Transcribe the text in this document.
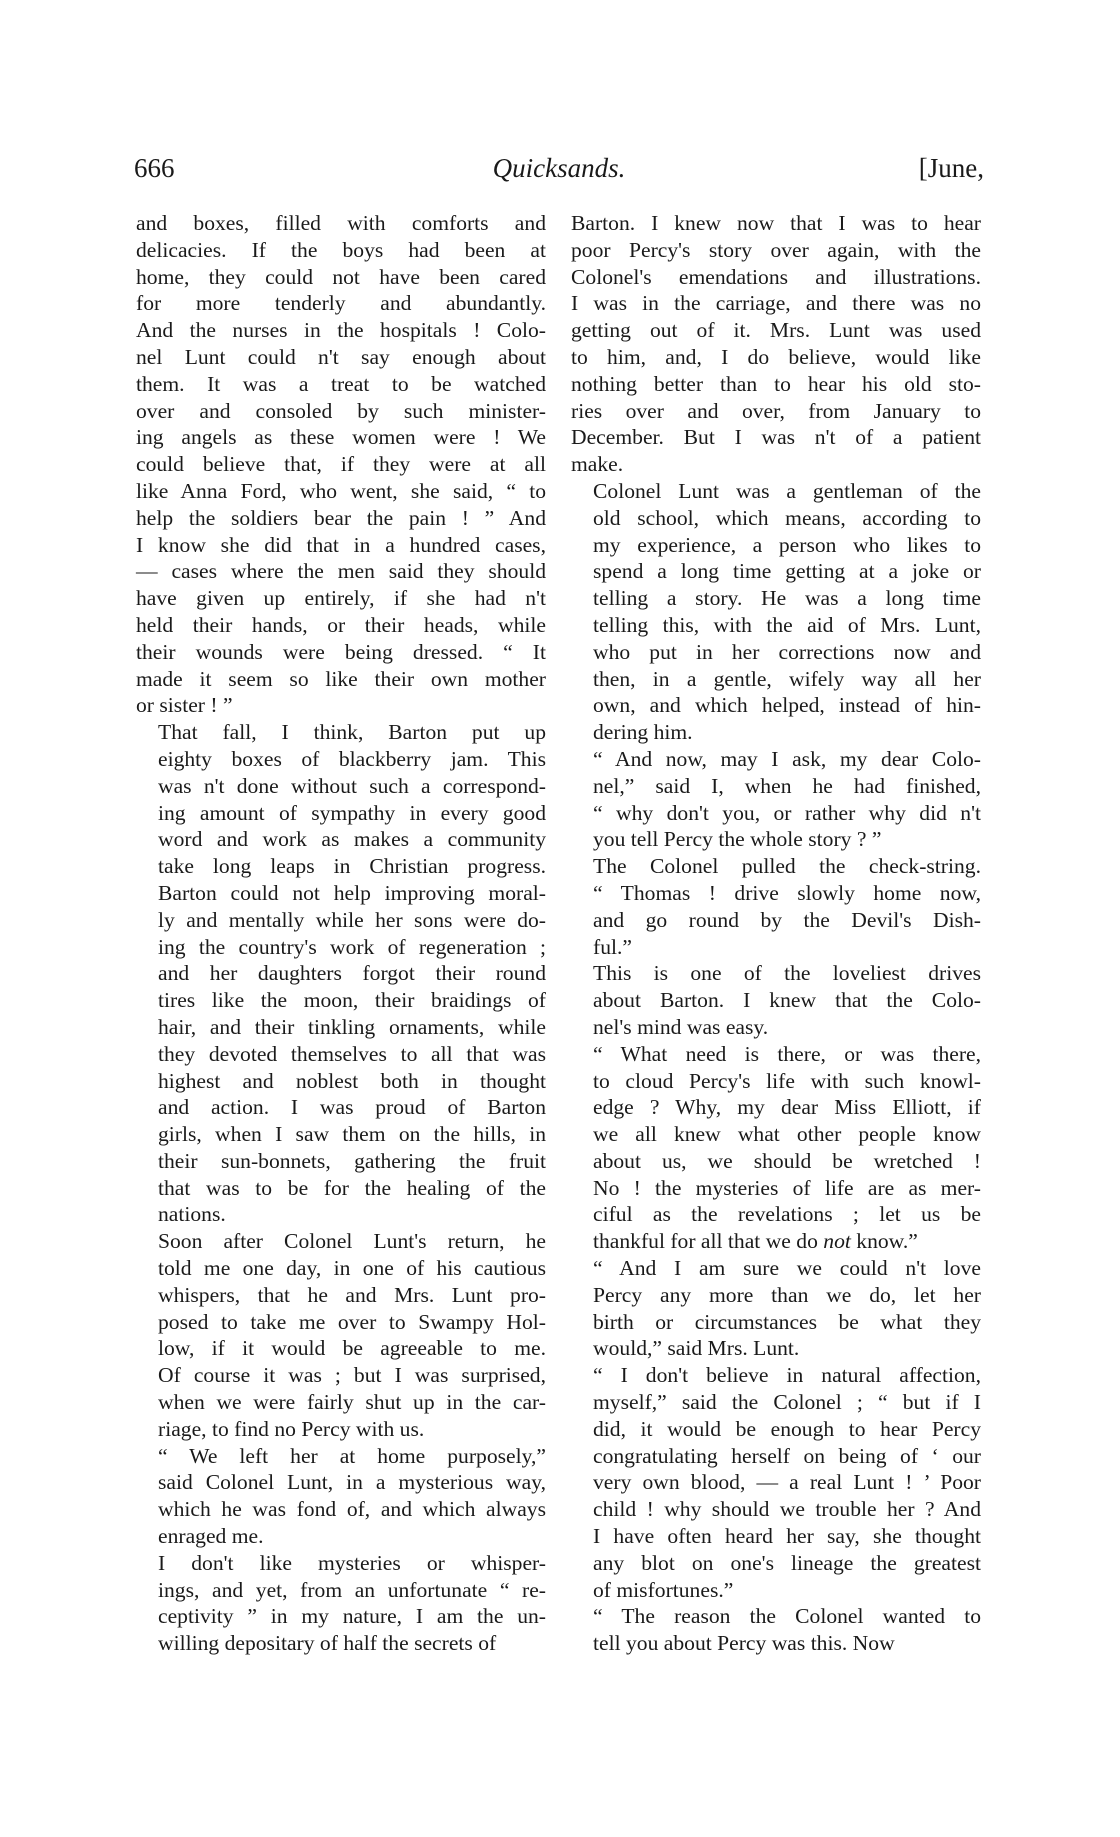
666	Quicksands.	[June,

and boxes, filled with comforts and
delicacies. If the boys had been at
home, they could not have been cared
for more tenderly and abundantly.
And the nurses in the hospitals ! Colo-
nel Lunt could n't say enough about
them. It was a treat to be watched
over and consoled by such minister-
ing angels as these women were ! We
could believe that, if they were at all
like Anna Ford, who went, she said, “ to
help the soldiers bear the pain ! ” And
I know she did that in a hundred cases,
— cases where the men said they should
have given up entirely, if she had n't
held their hands, or their heads, while
their wounds were being dressed. “ It
made it seem so like their own mother
or sister ! ”

That fall, I think, Barton put up
eighty boxes of blackberry jam. This
was n't done without such a correspond-
ing amount of sympathy in every good
word and work as makes a community
take long leaps in Christian progress.
Barton could not help improving moral-
ly and mentally while her sons were do-
ing the country's work of regeneration ;
and her daughters forgot their round
tires like the moon, their braidings of
hair, and their tinkling ornaments, while
they devoted themselves to all that was
highest and noblest both in thought
and action. I was proud of Barton
girls, when I saw them on the hills, in
their sun-bonnets, gathering the fruit
that was to be for the healing of the
nations.

Soon after Colonel Lunt's return, he
told me one day, in one of his cautious
whispers, that he and Mrs. Lunt pro-
posed to take me over to Swampy Hol-
low, if it would be agreeable to me.
Of course it was ; but I was surprised,
when we were fairly shut up in the car-
riage, to find no Percy with us.

“ We left her at home purposely,”
said Colonel Lunt, in a mysterious way,
which he was fond of, and which always
enraged me.

I don't like mysteries or whisper-
ings, and yet, from an unfortunate “ re-
ceptivity ” in my nature, I am the un-
willing depositary of half the secrets of

Barton. I knew now that I was to hear
poor Percy's story over again, with the
Colonel's emendations and illustrations.
I was in the carriage, and there was no
getting out of it. Mrs. Lunt was used
to him, and, I do believe, would like
nothing better than to hear his old sto-
ries over and over, from January to
December. But I was n't of a patient
make.

Colonel Lunt was a gentleman of the
old school, which means, according to
my experience, a person who likes to
spend a long time getting at a joke or
telling a story. He was a long time
telling this, with the aid of Mrs. Lunt,
who put in her corrections now and
then, in a gentle, wifely way all her
own, and which helped, instead of hin-
dering him.

“ And now, may I ask, my dear Colo-
nel,” said I, when he had finished,
“ why don't you, or rather why did n't
you tell Percy the whole story ? ”

The Colonel pulled the check-string.
“ Thomas ! drive slowly home now,
and go round by the Devil's Dish-
ful.”

This is one of the loveliest drives
about Barton. I knew that the Colo-
nel's mind was easy.

“ What need is there, or was there,
to cloud Percy's life with such knowl-
edge ? Why, my dear Miss Elliott, if
we all knew what other people know
about us, we should be wretched !
No ! the mysteries of life are as mer-
ciful as the revelations ; let us be
thankful for all that we do not know.”

“ And I am sure we could n't love
Percy any more than we do, let her
birth or circumstances be what they
would,” said Mrs. Lunt.

“ I don't believe in natural affection,
myself,” said the Colonel ; “ but if I
did, it would be enough to hear Percy
congratulating herself on being of ‘ our
very own blood, — a real Lunt ! ’ Poor
child ! why should we trouble her ? And
I have often heard her say, she thought
any blot on one's lineage the greatest
of misfortunes.”

“ The reason the Colonel wanted to
tell you about Percy was this. Now
